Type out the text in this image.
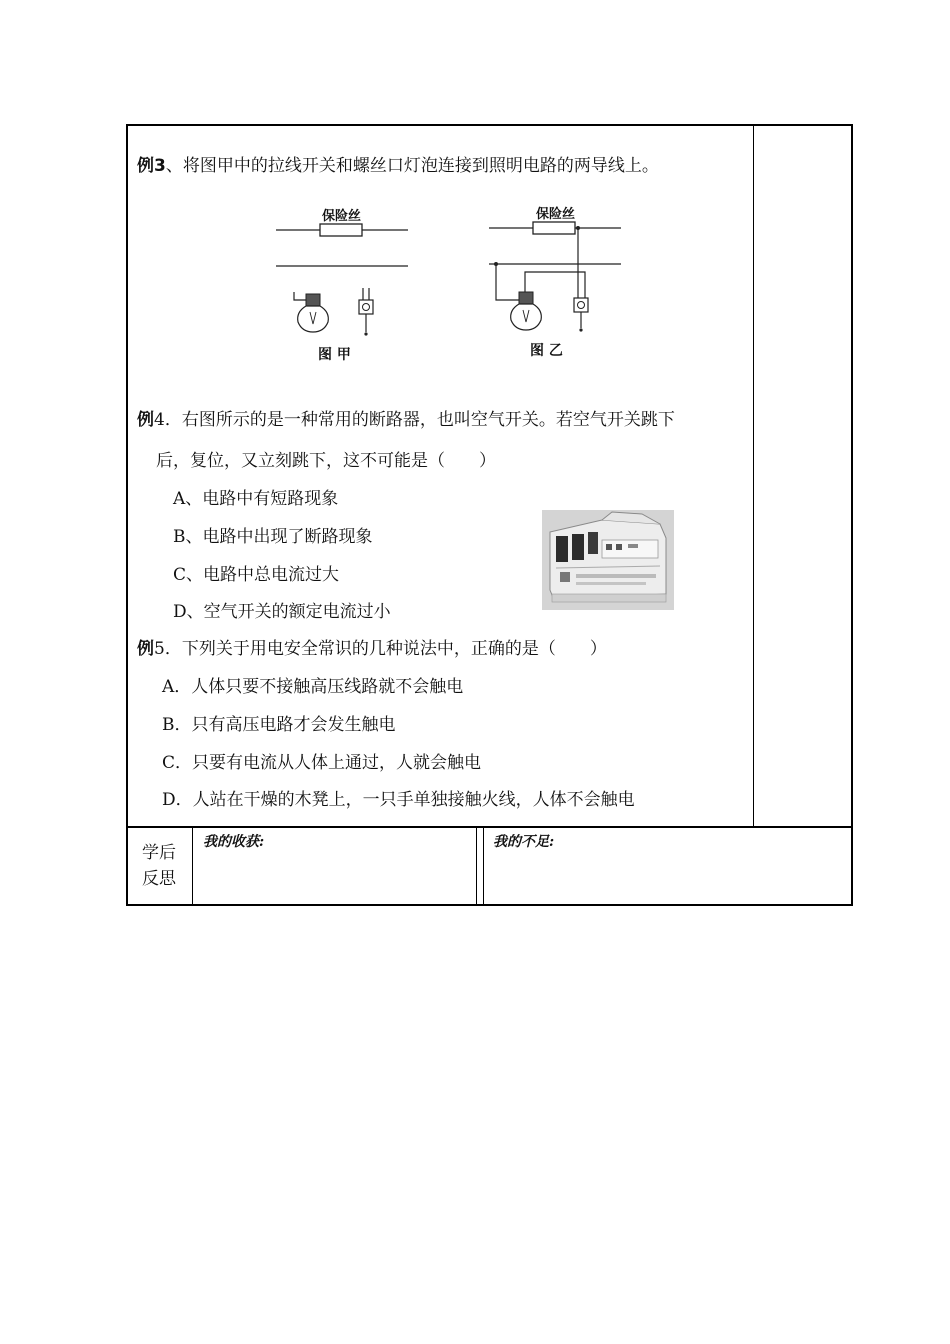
例3、将图甲中的拉线开关和螺丝口灯泡连接到照明电路的两导线上。
保险丝
图 甲
保险丝
图 乙
例4．右图所示的是一种常用的断路器，也叫空气开关。若空气开关跳下
后，复位，又立刻跳下，这不可能是（　　）
A、电路中有短路现象
B、电路中出现了断路现象
C、电路中总电流过大
D、空气开关的额定电流过小
例5．下列关于用电安全常识的几种说法中，正确的是（　　）
A．人体只要不接触高压线路就不会触电
B．只有高压电路才会发生触电
C．只要有电流从人体上通过，人就会触电
D．人站在干燥的木凳上，一只手单独接触火线，人体不会触电
学后
反思
我的收获:	我的不足:
